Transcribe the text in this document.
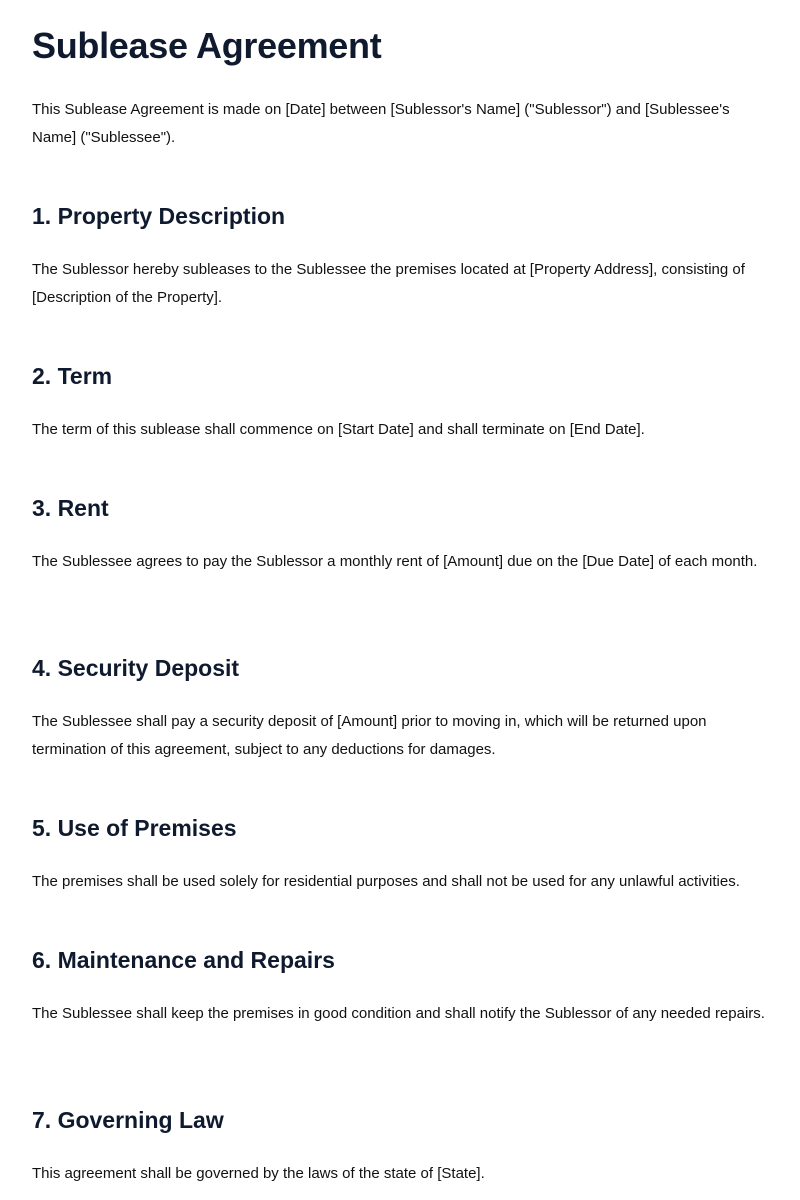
Sublease Agreement

This Sublease Agreement is made on [Date] between [Sublessor's Name] ("Sublessor") and [Sublessee's Name] ("Sublessee").

1. Property Description

The Sublessor hereby subleases to the Sublessee the premises located at [Property Address], consisting of [Description of the Property].

2. Term

The term of this sublease shall commence on [Start Date] and shall terminate on [End Date].

3. Rent

The Sublessee agrees to pay the Sublessor a monthly rent of [Amount] due on the [Due Date] of each month.

4. Security Deposit

The Sublessee shall pay a security deposit of [Amount] prior to moving in, which will be returned upon termination of this agreement, subject to any deductions for damages.

5. Use of Premises

The premises shall be used solely for residential purposes and shall not be used for any unlawful activities.

6. Maintenance and Repairs

The Sublessee shall keep the premises in good condition and shall notify the Sublessor of any needed repairs.

7. Governing Law

This agreement shall be governed by the laws of the state of [State].
